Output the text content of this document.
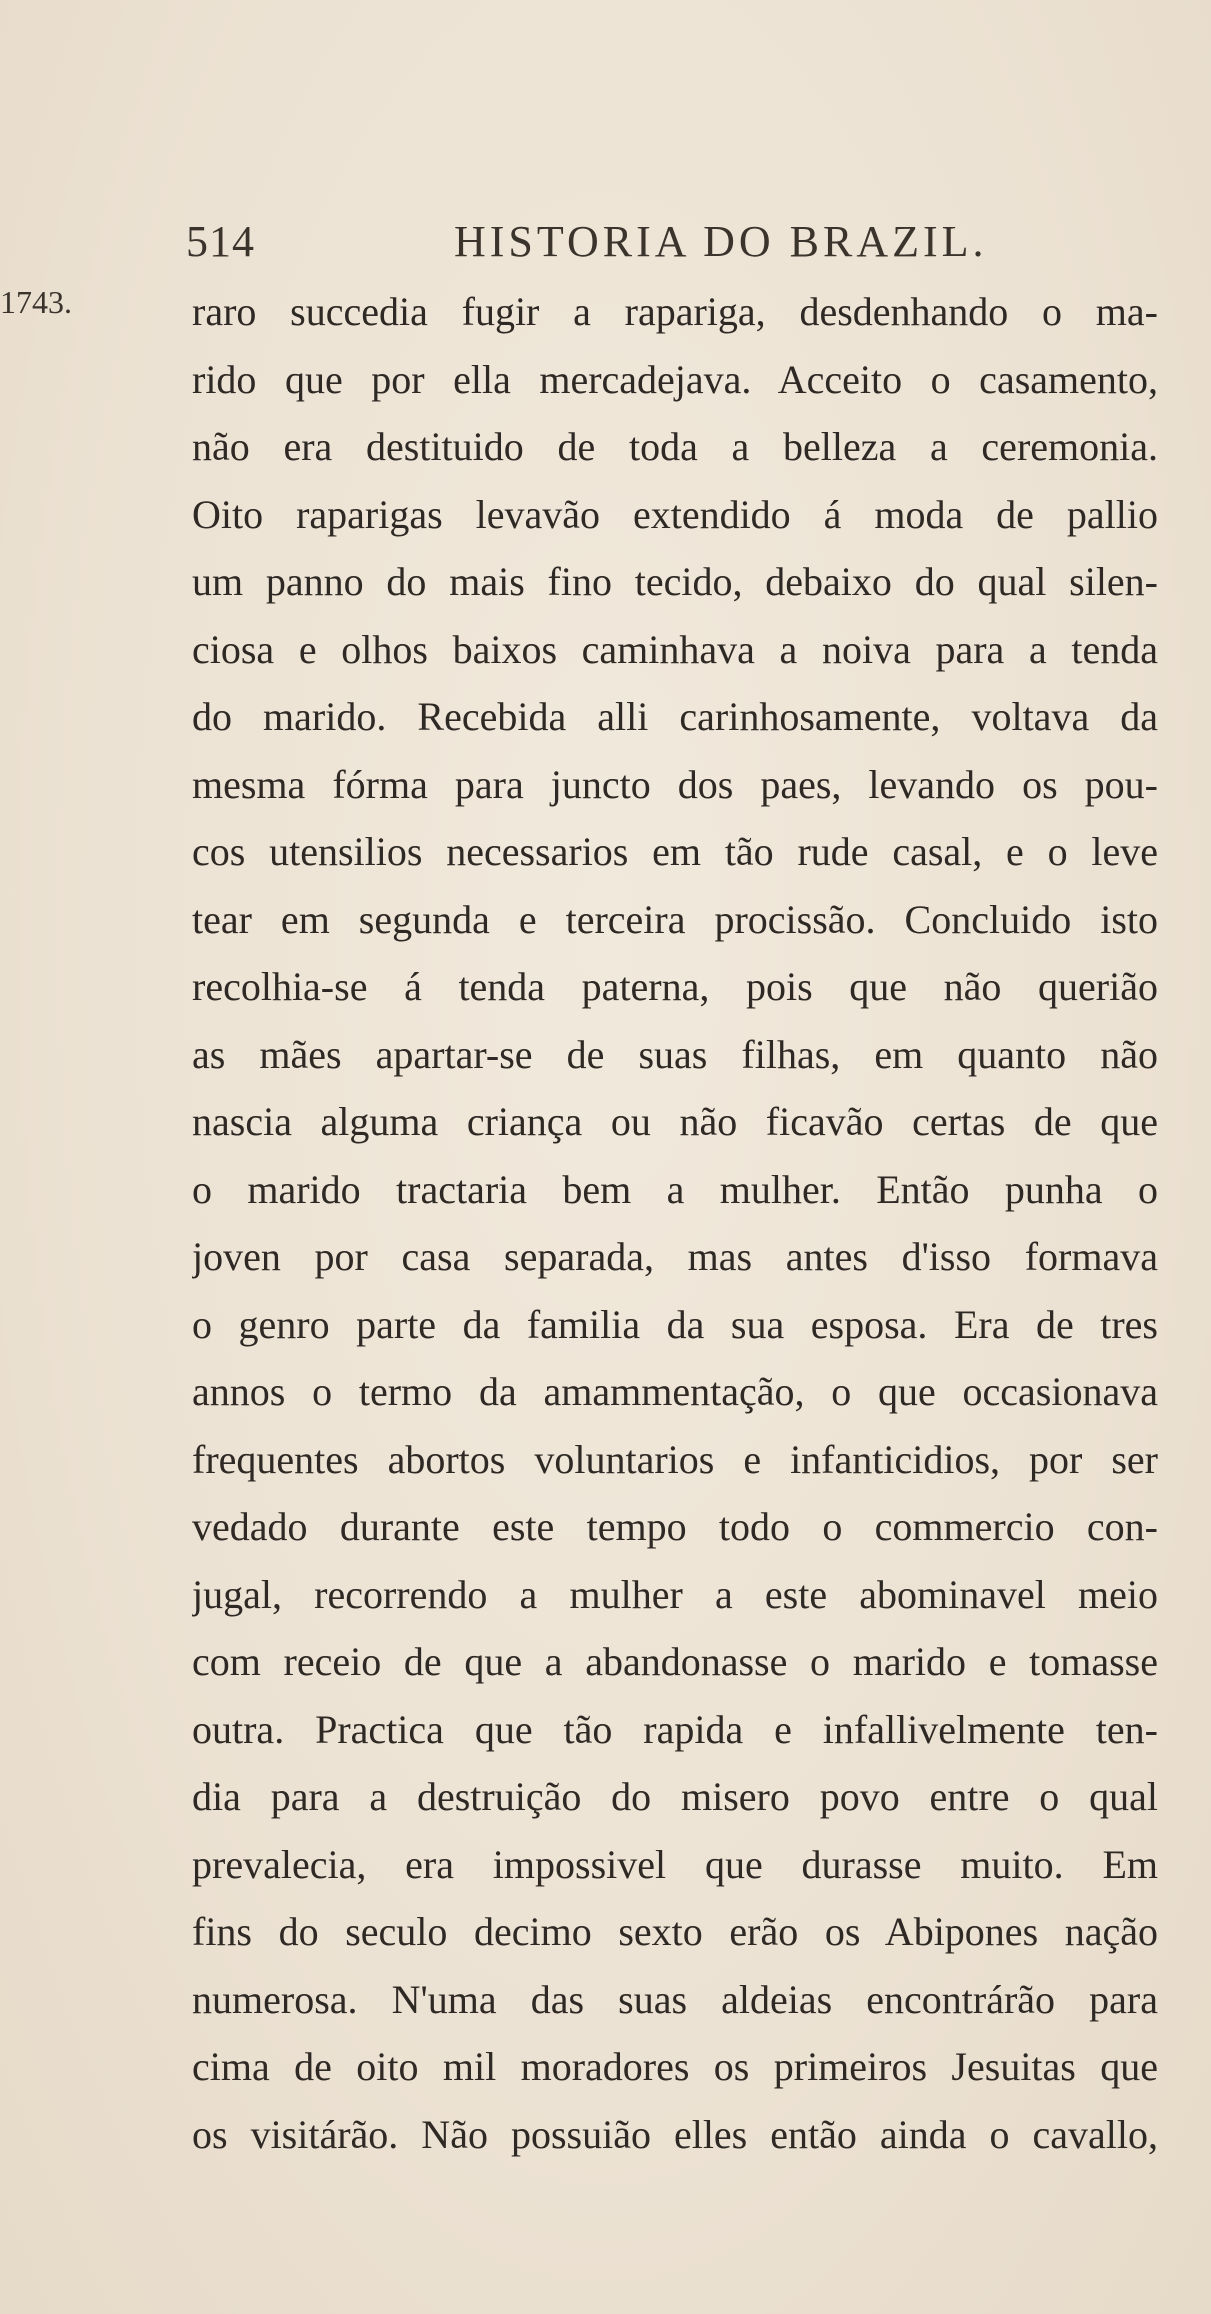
514	HISTORIA DO BRAZIL.
1743.	raro succedia fugir a rapariga, desdenhando o ma-
rido que por ella mercadejava. Acceito o casamento,
não era destituido de toda a belleza a ceremonia.
Oito raparigas levavão extendido á moda de pallio
um panno do mais fino tecido, debaixo do qual silen-
ciosa e olhos baixos caminhava a noiva para a tenda
do marido. Recebida alli carinhosamente, voltava da
mesma fórma para juncto dos paes, levando os pou-
cos utensilios necessarios em tão rude casal, e o leve
tear em segunda e terceira procissão. Concluido isto
recolhia-se á tenda paterna, pois que não querião
as mães apartar-se de suas filhas, em quanto não
nascia alguma criança ou não ficavão certas de que
o marido tractaria bem a mulher. Então punha o
joven por casa separada, mas antes d'isso formava
o genro parte da familia da sua esposa. Era de tres
annos o termo da amammentação, o que occasionava
frequentes abortos voluntarios e infanticidios, por ser
vedado durante este tempo todo o commercio con-
jugal, recorrendo a mulher a este abominavel meio
com receio de que a abandonasse o marido e tomasse
outra. Practica que tão rapida e infallivelmente ten-
dia para a destruição do misero povo entre o qual
prevalecia, era impossivel que durasse muito. Em
fins do seculo decimo sexto erão os Abipones nação
numerosa. N'uma das suas aldeias encontrárão para
cima de oito mil moradores os primeiros Jesuitas que
os visitárão. Não possuião elles então ainda o cavallo,
